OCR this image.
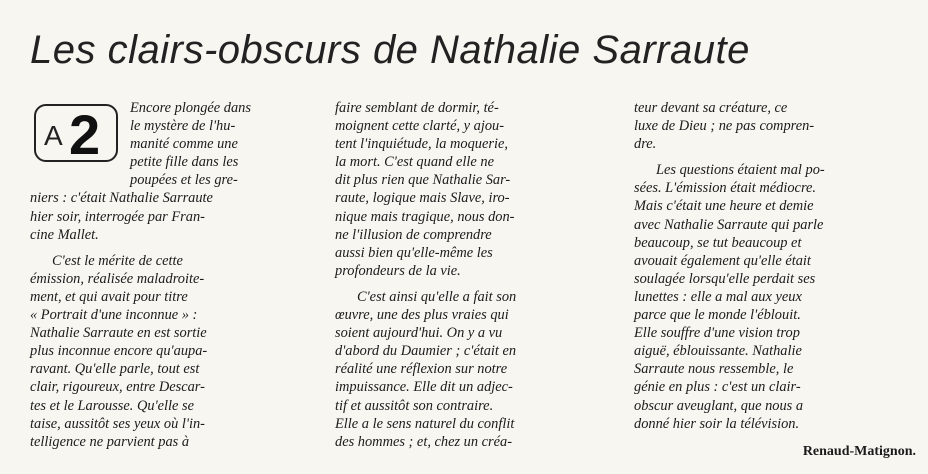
Les clairs-obscurs de Nathalie Sarraute
A 2 Encore plongée dans
le mystère de l'hu-
manité comme une
petite fille dans les
poupées et les gre-
niers : c'était Nathalie Sarraute
hier soir, interrogée par Fran-
cine Mallet.
C'est le mérite de cette
émission, réalisée maladroite-
ment, et qui avait pour titre
« Portrait d'une inconnue » :
Nathalie Sarraute en est sortie
plus inconnue encore qu'aupa-
ravant. Qu'elle parle, tout est
clair, rigoureux, entre Descar-
tes et le Larousse. Qu'elle se
taise, aussitôt ses yeux où l'in-
telligence ne parvient pas à
faire semblant de dormir, té-
moignent cette clarté, y ajou-
tent l'inquiétude, la moquerie,
la mort. C'est quand elle ne
dit plus rien que Nathalie Sar-
raute, logique mais Slave, iro-
nique mais tragique, nous don-
ne l'illusion de comprendre
aussi bien qu'elle-même les
profondeurs de la vie.
C'est ainsi qu'elle a fait son
œuvre, une des plus vraies qui
soient aujourd'hui. On y a vu
d'abord du Daumier ; c'était en
réalité une réflexion sur notre
impuissance. Elle dit un adjec-
tif et aussitôt son contraire.
Elle a le sens naturel du conflit
des hommes ; et, chez un créa-
teur devant sa créature, ce
luxe de Dieu ; ne pas compren-
dre.
Les questions étaient mal po-
sées. L'émission était médiocre.
Mais c'était une heure et demie
avec Nathalie Sarraute qui parle
beaucoup, se tut beaucoup et
avouait également qu'elle était
soulagée lorsqu'elle perdait ses
lunettes : elle a mal aux yeux
parce que le monde l'éblouit.
Elle souffre d'une vision trop
aiguë, éblouissante. Nathalie
Sarraute nous ressemble, le
génie en plus : c'est un clair-
obscur aveuglant, que nous a
donné hier soir la télévision.
Renaud-Matignon.
